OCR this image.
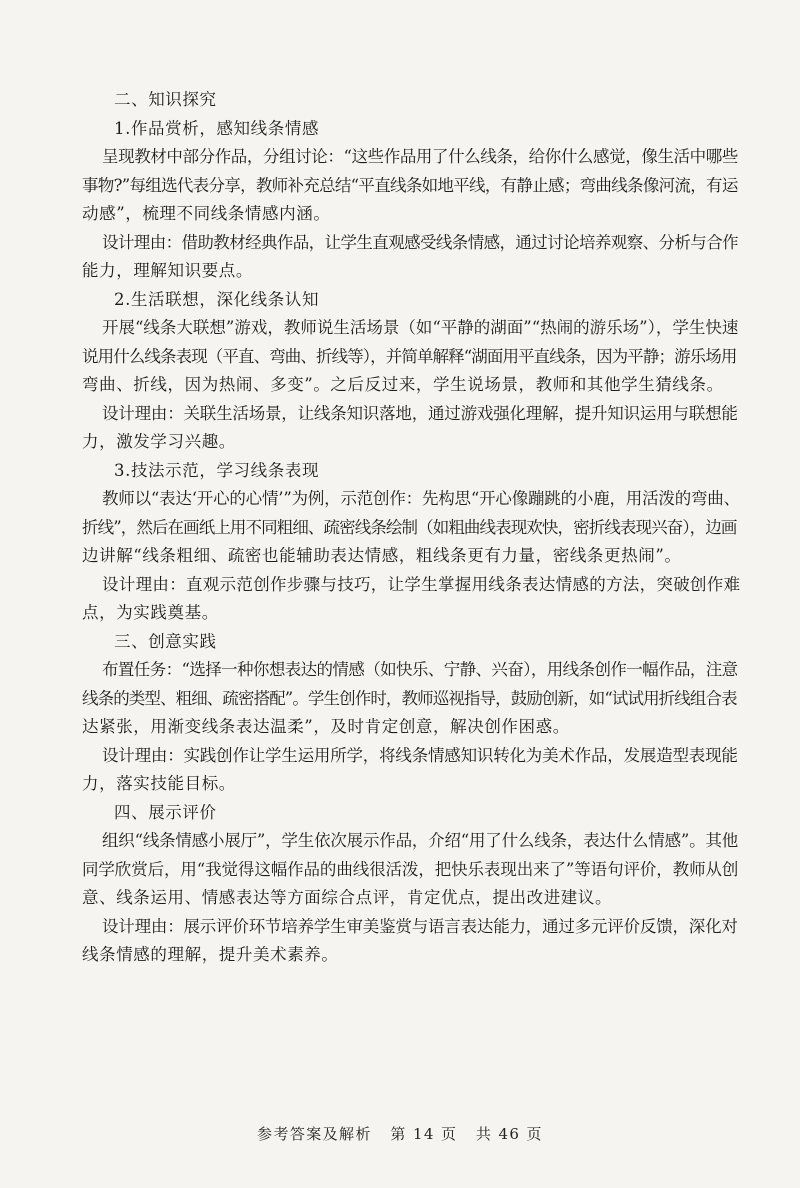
二、知识探究
1.作品赏析，感知线条情感
呈现教材中部分作品，分组讨论：“这些作品用了什么线条，给你什么感觉，像生活中哪些
事物?”每组选代表分享，教师补充总结“平直线条如地平线，有静止感；弯曲线条像河流，有运
动感”，梳理不同线条情感内涵。
设计理由：借助教材经典作品，让学生直观感受线条情感，通过讨论培养观察、分析与合作
能力，理解知识要点。
2.生活联想，深化线条认知
开展“线条大联想”游戏，教师说生活场景（如“平静的湖面”“热闹的游乐场”），学生快速
说用什么线条表现（平直、弯曲、折线等），并简单解释“湖面用平直线条，因为平静；游乐场用
弯曲、折线，因为热闹、多变”。之后反过来，学生说场景，教师和其他学生猜线条。
设计理由：关联生活场景，让线条知识落地，通过游戏强化理解，提升知识运用与联想能
力，激发学习兴趣。
3.技法示范，学习线条表现
教师以“表达‘开心的心情’”为例，示范创作：先构思“开心像蹦跳的小鹿，用活泼的弯曲、
折线”，然后在画纸上用不同粗细、疏密线条绘制（如粗曲线表现欢快，密折线表现兴奋），边画
边讲解“线条粗细、疏密也能辅助表达情感，粗线条更有力量，密线条更热闹”。
设计理由：直观示范创作步骤与技巧，让学生掌握用线条表达情感的方法，突破创作难
点，为实践奠基。
三、创意实践
布置任务：“选择一种你想表达的情感（如快乐、宁静、兴奋），用线条创作一幅作品，注意
线条的类型、粗细、疏密搭配”。学生创作时，教师巡视指导，鼓励创新，如“试试用折线组合表
达紧张，用渐变线条表达温柔”，及时肯定创意，解决创作困惑。
设计理由：实践创作让学生运用所学，将线条情感知识转化为美术作品，发展造型表现能
力，落实技能目标。
四、展示评价
组织“线条情感小展厅”，学生依次展示作品，介绍“用了什么线条，表达什么情感”。其他
同学欣赏后，用“我觉得这幅作品的曲线很活泼，把快乐表现出来了”等语句评价，教师从创
意、线条运用、情感表达等方面综合点评，肯定优点，提出改进建议。
设计理由：展示评价环节培养学生审美鉴赏与语言表达能力，通过多元评价反馈，深化对
线条情感的理解，提升美术素养。
参考答案及解析 第 14 页 共 46 页
